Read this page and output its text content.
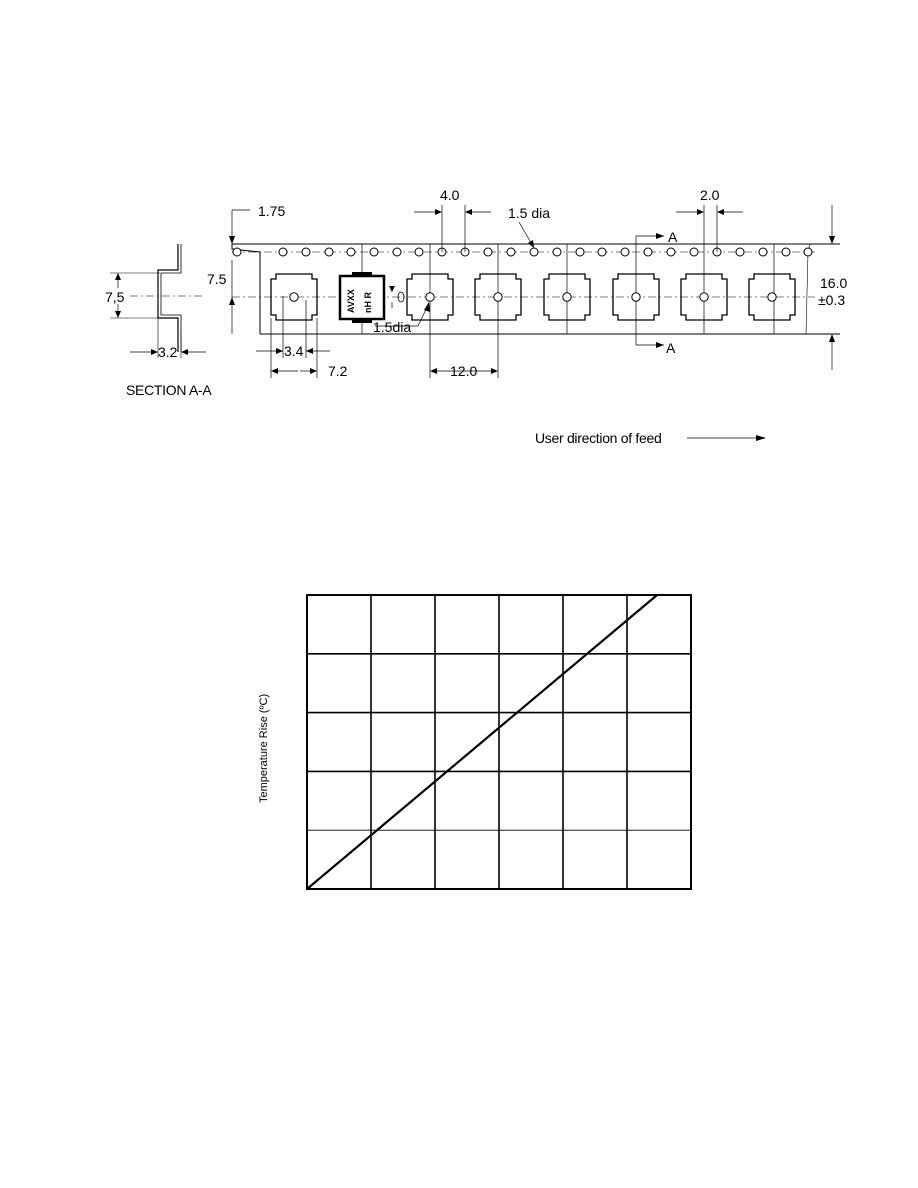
7,5
3.2
SECTION A-A
AVXX nH R
1.75
7.5
4.0
1.5 dia
2.0
A
A
16.0
±0.3
1.5dia
3.4
7.2	12.0
User direction of feed
Temperature Rise (ºC)
